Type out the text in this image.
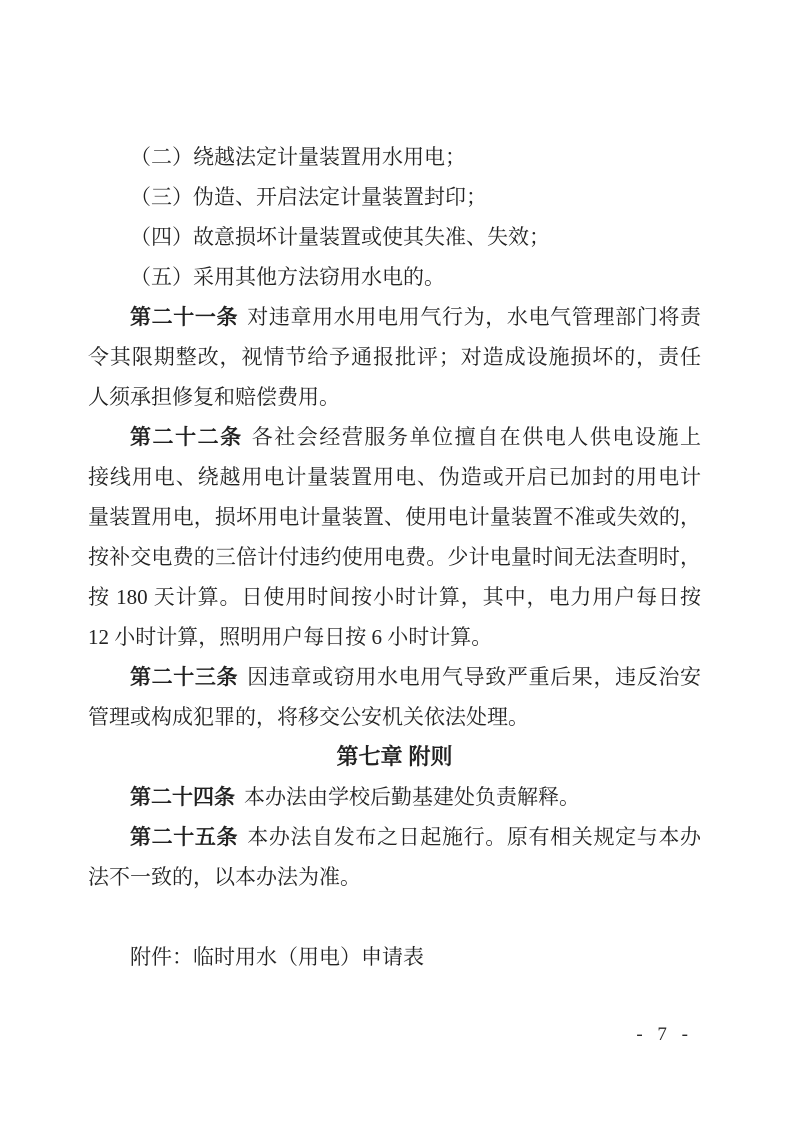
（二）绕越法定计量装置用水用电；
（三）伪造、开启法定计量装置封印；
（四）故意损坏计量装置或使其失准、失效；
（五）采用其他方法窃用水电的。
第二十一条 对违章用水用电用气行为，水电气管理部门将责
令其限期整改，视情节给予通报批评；对造成设施损坏的，责任
人须承担修复和赔偿费用。
第二十二条 各社会经营服务单位擅自在供电人供电设施上
接线用电、绕越用电计量装置用电、伪造或开启已加封的用电计
量装置用电，损坏用电计量装置、使用电计量装置不准或失效的，
按补交电费的三倍计付违约使用电费。少计电量时间无法查明时，
按 180 天计算。日使用时间按小时计算，其中，电力用户每日按
12 小时计算，照明用户每日按 6 小时计算。
第二十三条 因违章或窃用水电用气导致严重后果，违反治安
管理或构成犯罪的，将移交公安机关依法处理。
第七章 附则
第二十四条 本办法由学校后勤基建处负责解释。
第二十五条 本办法自发布之日起施行。原有相关规定与本办
法不一致的，以本办法为准。
附件：临时用水（用电）申请表
- 7 -
